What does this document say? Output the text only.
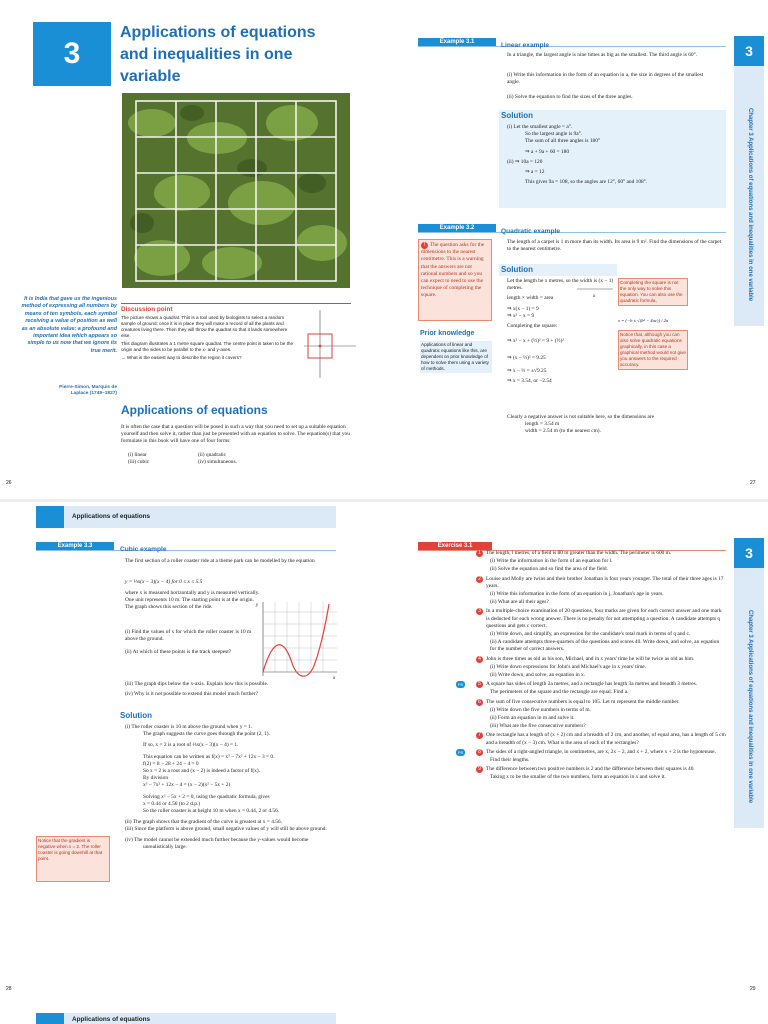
3
Applications of equations and inequalities in one variable
It is India that gave us the ingenious method of expressing all numbers by means of ten symbols, each symbol receiving a value of position as well as an absolute value; a profound and important idea which appears so simple to us now that we ignore its true merit.
Pierre-Simon, Marquis de Laplace (1749–1827)
Discussion point
The picture shows a quadrat. This is a tool used by biologists to select a random sample of ground; once it is in place they will make a record of all the plants and creatures living there. Then they will throw the quadrat so that it lands somewhere else.
This diagram illustrates a 1 metre square quadrat. The centre point is taken to be the origin and the sides to be parallel to the x- and y-axes.
→ What is the easiest way to describe the region it covers?
Applications of equations
It is often the case that a question will be posed in such a way that you need to set up a suitable equation yourself and then solve it, rather than just be presented with an equation to solve. The equation(s) that you formulate in this book will have one of four forms:
(i) linear	(ii) quadratic
(iii) cubic	(iv) simultaneous.
26
3
Chapter 3 Applications of equations and inequalities in one variable
Example 3.1	Linear example
In a triangle, the largest angle is nine times as big as the smallest. The third angle is 60°.
(i) Write this information in the form of an equation in a, the size in degrees of the smallest angle.
(ii) Solve the equation to find the sizes of the three angles.
Solution
(i) Let the smallest angle = a°.
So the largest angle is 9a°.
The sum of all three angles is 180°
⇒ a + 9a + 60 = 180
(ii) ⇒ 10a = 120
⇒ a = 12
This gives 9a = 108, so the angles are 12°, 60° and 108°.
Example 3.2	Quadratic example
The length of a carpet is 1 m more than its width. Its area is 9 m². Find the dimensions of the carpet to the nearest centimetre.
! The question asks for the dimensions to the nearest centimetre. This is a warning that the answers are not rational numbers and so you can expect to need to use the technique of completing the square.
Prior knowledge
Applications of linear and quadratic equations like this, are dependent on prior knowledge of how to solve them using a variety of methods.
Solution
Let the length be x metres, so the width is (x − 1) metres.
length × width = area
⇒ x(x − 1) = 9
⇒ x² − x = 9
Completing the square:
⇒ x² − x + (½)² = 9 + (½)²
⇒ (x − ½)² = 9.25
⇒ x − ½ = ±√9.25
⇒ x = 3.54, or −2.54
Clearly a negative answer is not suitable here, so the dimensions are
length = 3.54 m
width = 2.54 m (to the nearest cm).
x
Completing the square is not the only way to solve this equation. You can also use the quadratic formula,
x = (−b ± √(b² − 4ac)) / 2a
Notice that, although you can also solve quadratic equations graphically, in this case a graphical method would not give you answers to the required accuracy.
27
Applications of equations
Example 3.3	Cubic example
The first section of a roller coaster ride at a theme park can be modelled by the equation
y = ⅓x(x − 3)(x − 4) for 0 ≤ x ≤ 5.5
where x is measured horizontally and y is measured vertically. One unit represents 10 m. The starting point is at the origin. The graph shows this section of the ride.
(i) Find the values of x for which the roller coaster is 10 m above the ground.
(ii) At which of these points is the track steepest?
(iii) The graph dips below the x-axis. Explain how this is possible.
(iv) Why is it not possible to extend this model much further?
x
y
Solution
(i) The roller coaster is 10 m above the ground when y = 1.
The graph suggests the curve goes through the point (2, 1).
If so, x = 2 is a root of ⅓x(x − 3)(x − 4) = 1.
This equation can be written as f(x) = x³ − 7x² + 12x − 3 = 0.
f(2) = 8 − 28 + 24 − 4 = 0
So x = 2 is a root and (x − 2) is indeed a factor of f(x).
By division
x³ − 7x² + 12x − 4 = (x − 2)(x² − 5x + 2)
Solving x² − 5x + 2 = 0, using the quadratic formula, gives
x = 0.44 or 4.56 (to 2 d.p.)
So the roller coaster is at height 10 m when x = 0.44, 2 or 4.56.
(ii) The graph shows that the gradient of the curve is greatest at x = 4.56.
(iii) Since the platform is above ground, small negative values of y will still be above ground.
(iv) The model cannot be extended much further because the y-values would become unrealistically large.
Notice that the gradient is negative when x = 2. The roller coaster is going downhill at that point.
28
3
Chapter 3 Applications of equations and inequalities in one variable
Exercise 3.1
1 The length, l metres, of a field is 80 m greater than the width. The perimeter is 600 m.
(i) Write the information in the form of an equation for l.
(ii) Solve the equation and so find the area of the field.
2 Louise and Molly are twins and their brother Jonathan is four years younger. The total of their three ages is 17 years.
(i) Write this information in the form of an equation in j, Jonathan's age in years.
(ii) What are all their ages?
3 In a multiple-choice examination of 20 questions, four marks are given for each correct answer and one mark is deducted for each wrong answer. There is no penalty for not attempting a question. A candidate attempts q questions and gets c correct.
(i) Write down, and simplify, an expression for the candidate's total mark in terms of q and c.
(ii) A candidate attempts three-quarters of the questions and scores 40. Write down, and solve, an equation for the number of correct answers.
4 John is three times as old as his son, Michael, and in x years' time he will be twice as old as him.
(i) Write down expressions for John's and Michael's age in x years' time.
(ii) Write down, and solve, an equation in x.
PS	5 A square has sides of length 2a metres, and a rectangle has length 3a metres and breadth 3 metres.
The perimeters of the square and the rectangle are equal. Find a.
6 The sum of five consecutive numbers is equal to 105. Let m represent the middle number.
(i) Write down the five numbers in terms of m.
(ii) Form an equation in m and solve it.
(iii) What are the five consecutive numbers?
7 One rectangle has a length of (x + 2) cm and a breadth of 2 cm, and another, of equal area, has a length of 5 cm and a breadth of (x − 3) cm. What is the area of each of the rectangles?
PS	8 The sides of a right-angled triangle, in centimetres, are x, 2x − 2, and x + 2, where x + 2 is the hypotenuse.
Find their lengths.
9 The difference between two positive numbers is 2 and the difference between their squares is 40.
Taking x to be the smaller of the two numbers, form an equation in x and solve it.
29
Applications of equations
